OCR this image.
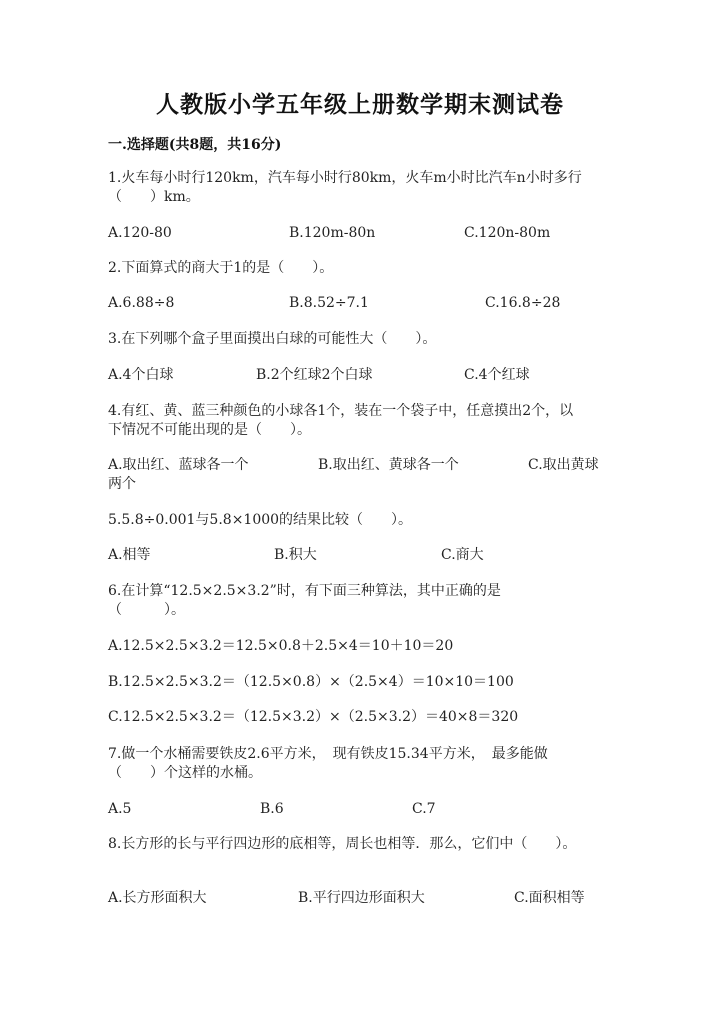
人教版小学五年级上册数学期末测试卷
一.选择题(共8题，共16分)
1.火车每小时行120km，汽车每小时行80km，火车m小时比汽车n小时多行
（　　）km。
A.120-80	B.120m-80n	C.120n-80m
2.下面算式的商大于1的是（　　）。
A.6.88÷8	B.8.52÷7.1	C.16.8÷28
3.在下列哪个盒子里面摸出白球的可能性大（　　）。
A.4个白球	B.2个红球2个白球	C.4个红球
4.有红、黄、蓝三种颜色的小球各1个，装在一个袋子中，任意摸出2个，以
下情况不可能出现的是（　　）。
A.取出红、蓝球各一个	B.取出红、黄球各一个	C.取出黄球
两个
5.5.8÷0.001与5.8×1000的结果比较（　　）。
A.相等	B.积大	C.商大
6.在计算“12.5×2.5×3.2”时，有下面三种算法，其中正确的是
（　　　）。
A.12.5×2.5×3.2＝12.5×0.8＋2.5×4＝10＋10＝20
B.12.5×2.5×3.2＝（12.5×0.8）×（2.5×4）＝10×10＝100
C.12.5×2.5×3.2＝（12.5×3.2）×（2.5×3.2）＝40×8＝320
7.做一个水桶需要铁皮2.6平方米，　现有铁皮15.34平方米，　最多能做
（　　）个这样的水桶。
A.5	B.6	C.7
8.长方形的长与平行四边形的底相等，周长也相等．那么，它们中（　　）。
A.长方形面积大	B.平行四边形面积大	C.面积相等
